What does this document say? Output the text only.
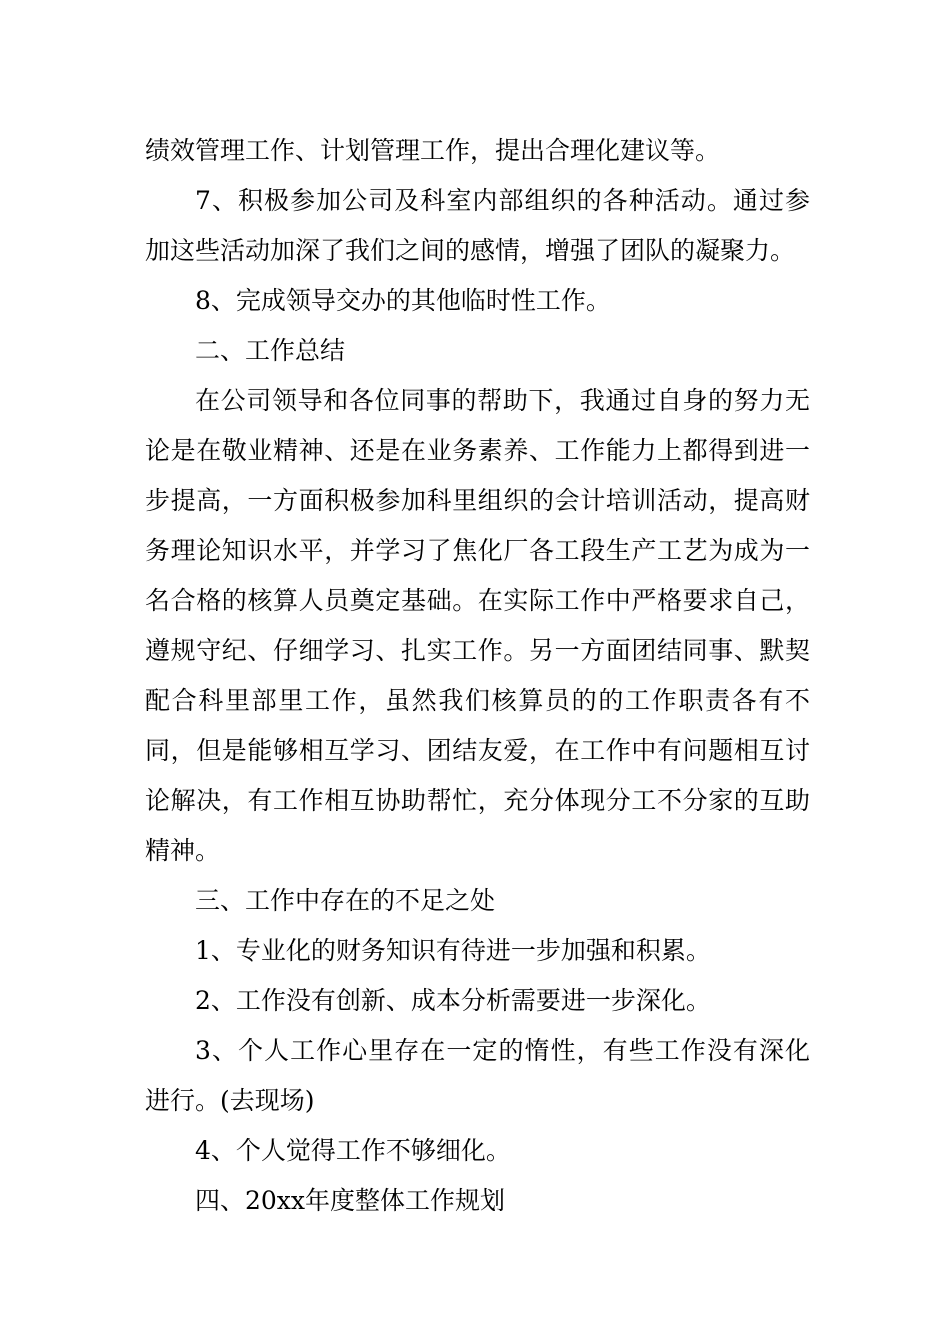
绩效管理工作、计划管理工作，提出合理化建议等。

7、积极参加公司及科室内部组织的各种活动。通过参加这些活动加深了我们之间的感情，增强了团队的凝聚力。

8、完成领导交办的其他临时性工作。

二、工作总结

在公司领导和各位同事的帮助下，我通过自身的努力无论是在敬业精神、还是在业务素养、工作能力上都得到进一步提高，一方面积极参加科里组织的会计培训活动，提高财务理论知识水平，并学习了焦化厂各工段生产工艺为成为一名合格的核算人员奠定基础。在实际工作中严格要求自己，遵规守纪、仔细学习、扎实工作。另一方面团结同事、默契配合科里部里工作，虽然我们核算员的的工作职责各有不同，但是能够相互学习、团结友爱，在工作中有问题相互讨论解决，有工作相互协助帮忙，充分体现分工不分家的互助精神。

三、工作中存在的不足之处

1、专业化的财务知识有待进一步加强和积累。

2、工作没有创新、成本分析需要进一步深化。

3、个人工作心里存在一定的惰性，有些工作没有深化进行。(去现场)

4、个人觉得工作不够细化。

四、20xx年度整体工作规划
